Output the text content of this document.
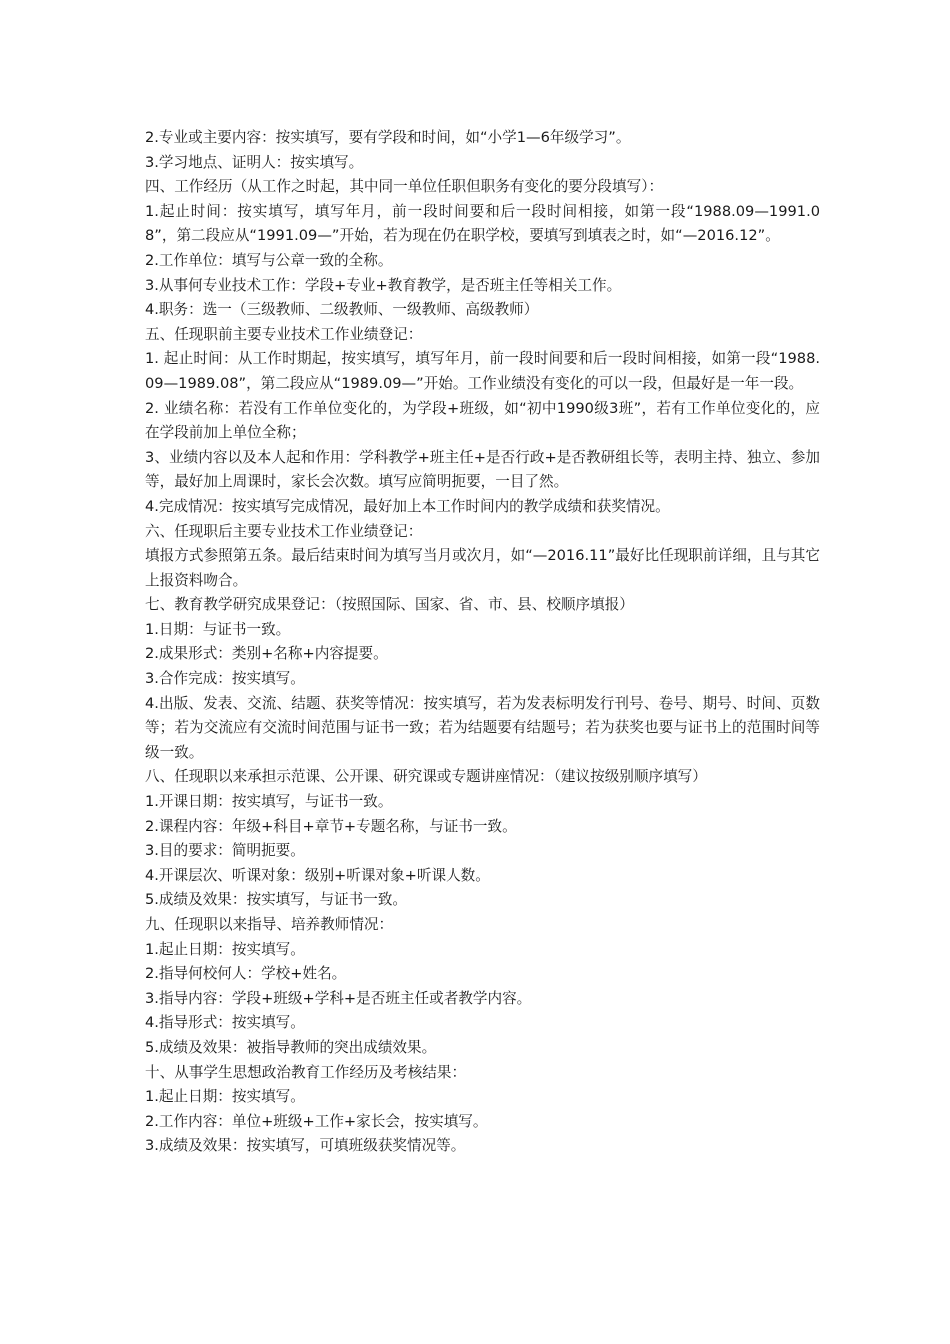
2.专业或主要内容：按实填写，要有学段和时间，如“小学1—6年级学习”。

3.学习地点、证明人：按实填写。

四、工作经历（从工作之时起，其中同一单位任职但职务有变化的要分段填写）：

1.起止时间：按实填写，填写年月，前一段时间要和后一段时间相接，如第一段“1988.09—1991.08”，第二段应从“1991.09—”开始，若为现在仍在职学校，要填写到填表之时，如“—2016.12”。

2.工作单位：填写与公章一致的全称。

3.从事何专业技术工作：学段+专业+教育教学，是否班主任等相关工作。

4.职务：选一（三级教师、二级教师、一级教师、高级教师）

五、任现职前主要专业技术工作业绩登记：

1. 起止时间：从工作时期起，按实填写，填写年月，前一段时间要和后一段时间相接，如第一段“1988.09—1989.08”，第二段应从“1989.09—”开始。工作业绩没有变化的可以一段，但最好是一年一段。

2. 业绩名称：若没有工作单位变化的，为学段+班级，如“初中1990级3班”，若有工作单位变化的，应在学段前加上单位全称；

3、业绩内容以及本人起和作用：学科教学+班主任+是否行政+是否教研组长等，表明主持、独立、参加等，最好加上周课时，家长会次数。填写应简明扼要，一目了然。

4.完成情况：按实填写完成情况，最好加上本工作时间内的教学成绩和获奖情况。

六、任现职后主要专业技术工作业绩登记：

填报方式参照第五条。最后结束时间为填写当月或次月，如“—2016.11”最好比任现职前详细，且与其它上报资料吻合。

七、教育教学研究成果登记：（按照国际、国家、省、市、县、校顺序填报）

1.日期：与证书一致。

2.成果形式：类别+名称+内容提要。

3.合作完成：按实填写。

4.出版、发表、交流、结题、获奖等情况：按实填写，若为发表标明发行刊号、卷号、期号、时间、页数等；若为交流应有交流时间范围与证书一致；若为结题要有结题号；若为获奖也要与证书上的范围时间等级一致。

八、任现职以来承担示范课、公开课、研究课或专题讲座情况：（建议按级别顺序填写）

1.开课日期：按实填写，与证书一致。

2.课程内容：年级+科目+章节+专题名称，与证书一致。

3.目的要求：简明扼要。

4.开课层次、听课对象：级别+听课对象+听课人数。

5.成绩及效果：按实填写，与证书一致。

九、任现职以来指导、培养教师情况：

1.起止日期：按实填写。

2.指导何校何人：学校+姓名。

3.指导内容：学段+班级+学科+是否班主任或者教学内容。

4.指导形式：按实填写。

5.成绩及效果：被指导教师的突出成绩效果。

十、从事学生思想政治教育工作经历及考核结果：

1.起止日期：按实填写。

2.工作内容：单位+班级+工作+家长会，按实填写。

3.成绩及效果：按实填写，可填班级获奖情况等。
